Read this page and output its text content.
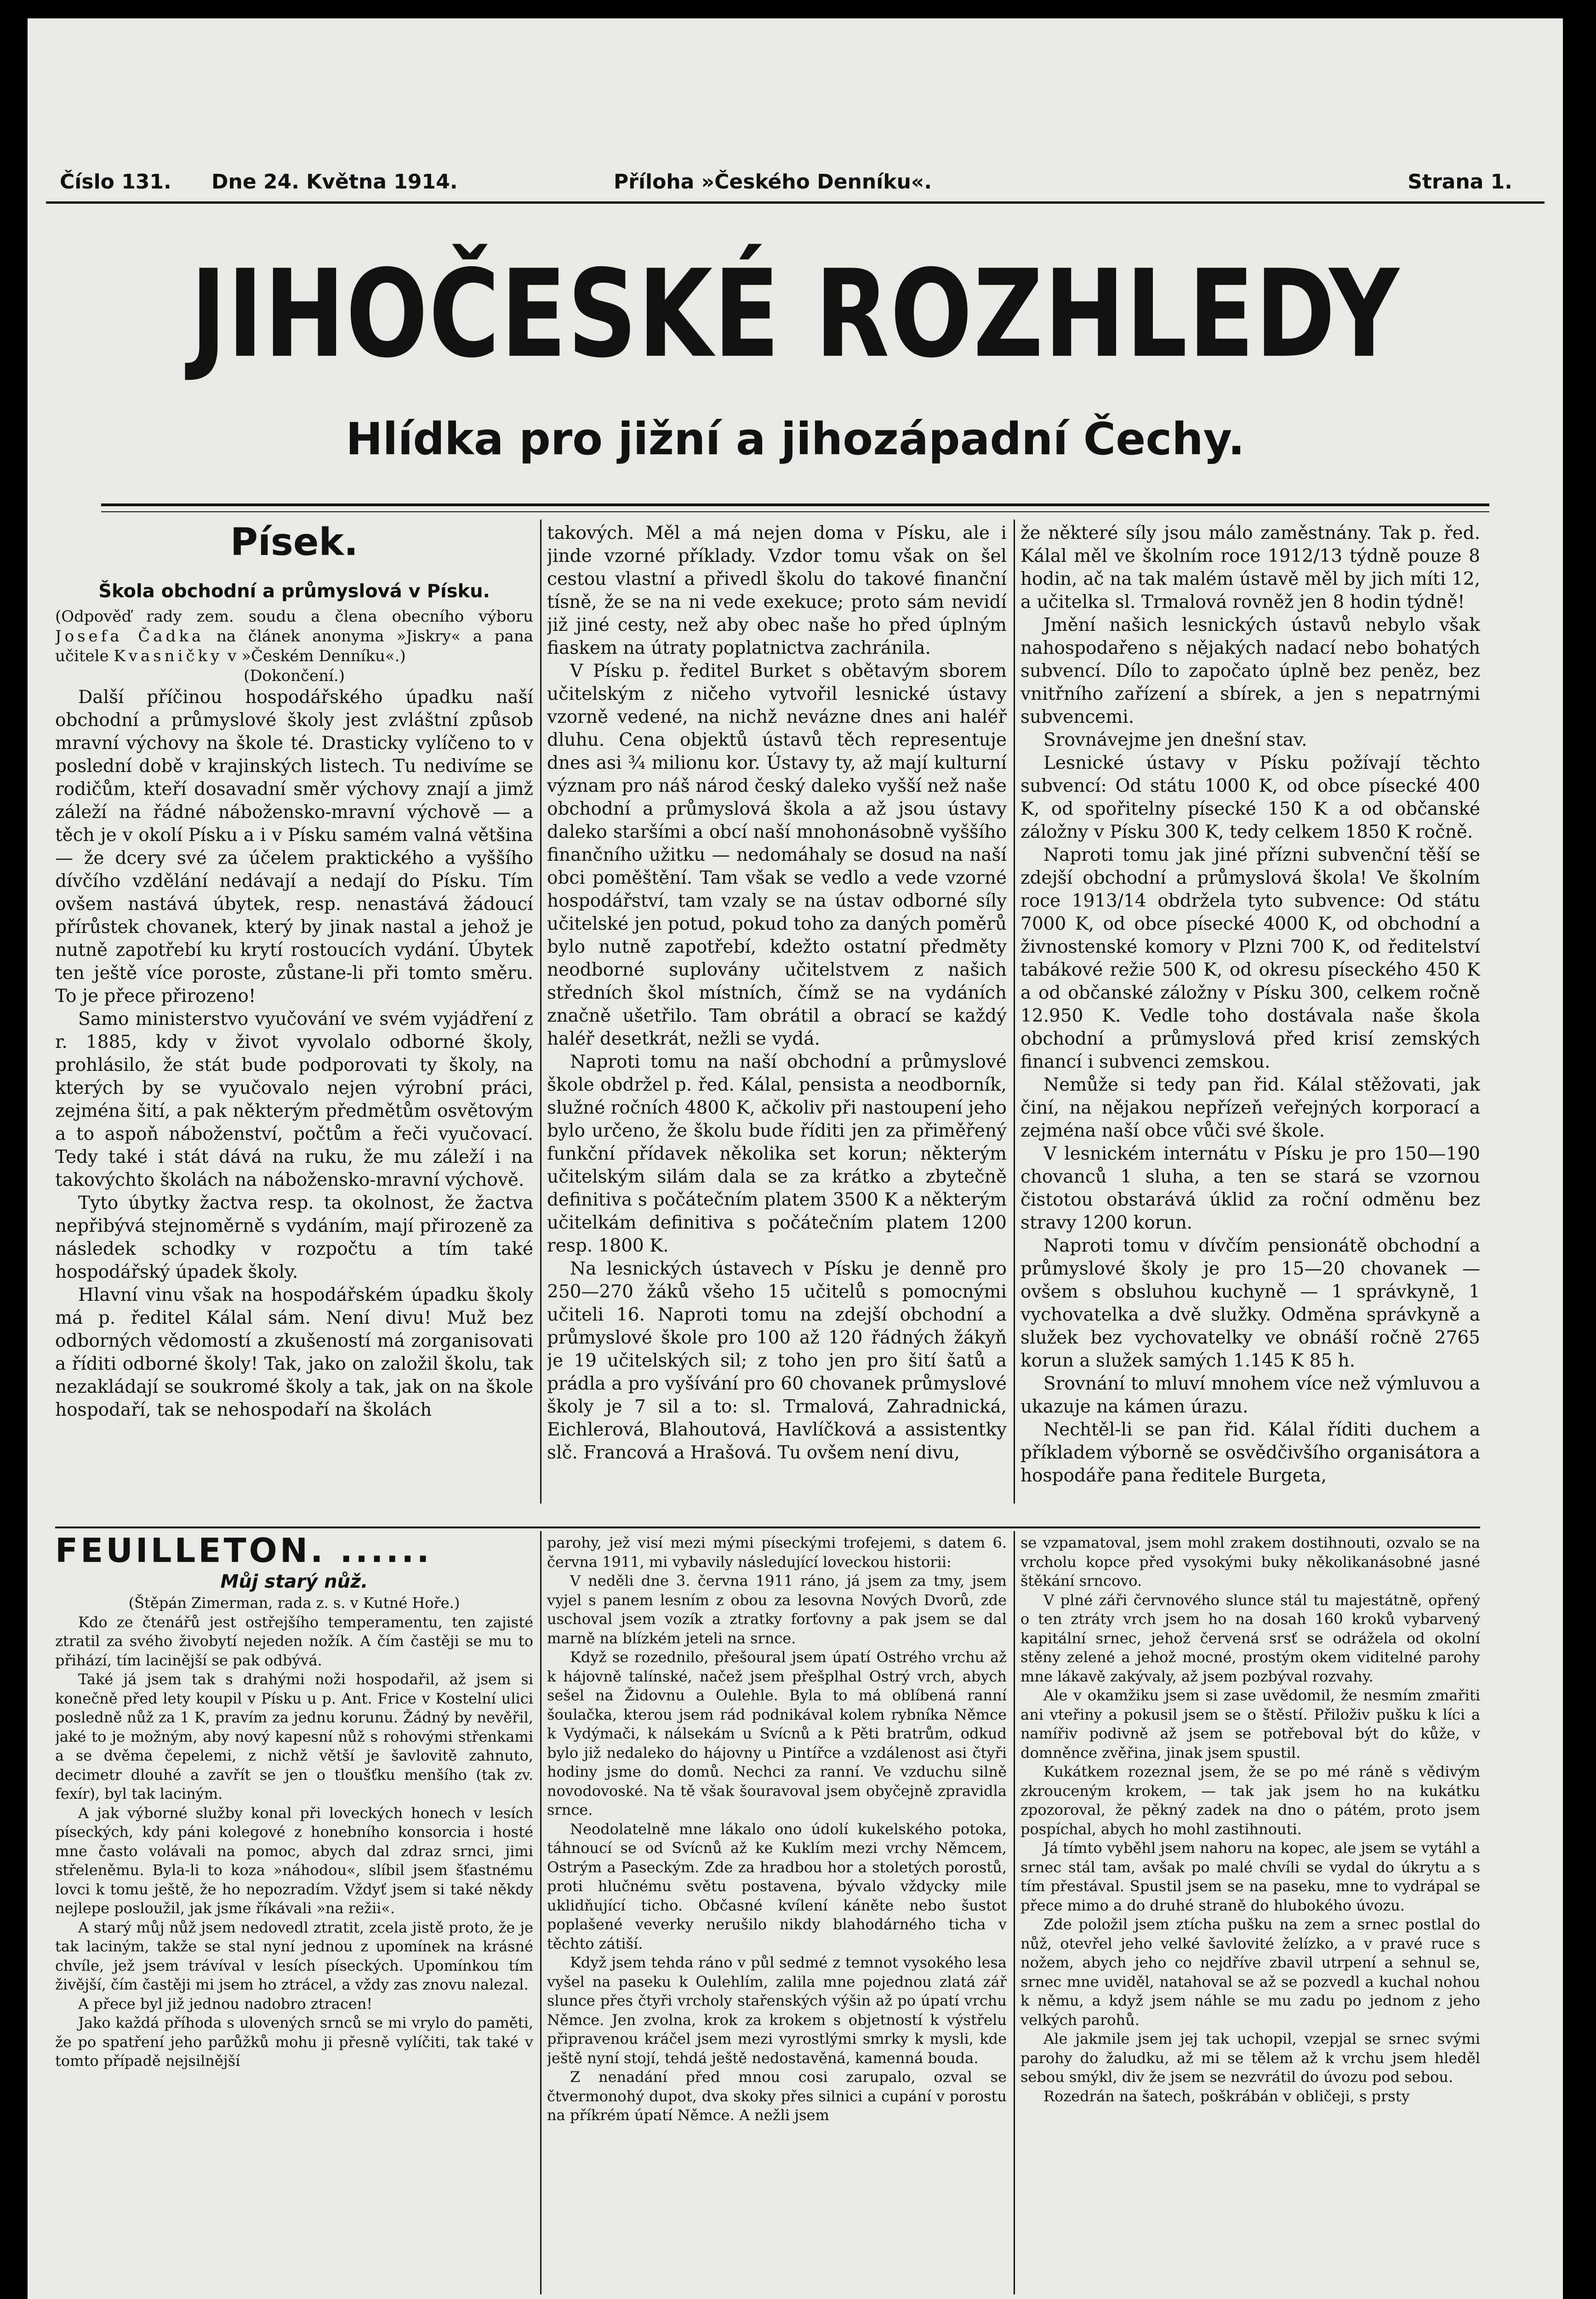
Číslo 131. Dne 24. Května 1914.	Příloha »Českého Denníku«.	Strana 1.
JIHOČESKÉ ROZHLEDY
Hlídka pro jižní a jihozápadní Čechy.
Písek.
Škola obchodní a průmyslová v Písku.

(Odpověď rady zem. soudu a člena obecního výboru Josefa Čadka na článek anonyma »Jiskry« a pana učitele Kvasničky v »Českém Denníku«.)

(Dokončení.)

Další příčinou hospodářského úpadku naší obchodní a průmyslové školy jest zvláštní způsob mravní výchovy na škole té. Drasticky vylíčeno to v poslední době v krajinských listech. Tu nedivíme se rodičům, kteří dosavadní směr výchovy znají a jimž záleží na řádné nábožensko-mravní výchově — a těch je v okolí Písku a i v Písku samém valná většina — že dcery své za účelem praktického a vyššího dívčího vzdělání nedávají a nedají do Písku. Tím ovšem nastává úbytek, resp. nenastává žádoucí přírůstek chovanek, který by jinak nastal a jehož je nutně zapotřebí ku krytí rostoucích vydání. Úbytek ten ještě více poroste, zůstane-li při tomto směru. To je přece přirozeno!

Samo ministerstvo vyučování ve svém vyjádření z r. 1885, kdy v život vyvolalo odborné školy, prohlásilo, že stát bude podporovati ty školy, na kterých by se vyučovalo nejen výrobní práci, zejména šití, a pak některým předmětům osvětovým a to aspoň náboženství, počtům a řeči vyučovací. Tedy také i stát dává na ruku, že mu záleží i na takovýchto školách na nábožensko-mravní výchově.

Tyto úbytky žactva resp. ta okolnost, že žactva nepřibývá stejnoměrně s vydáním, mají přirozeně za následek schodky v rozpočtu a tím také hospodářský úpadek školy.

Hlavní vinu však na hospodářském úpadku školy má p. ředitel Kálal sám. Není divu! Muž bez odborných vědomostí a zkušeností má zorganisovati a říditi odborné školy! Tak, jako on založil školu, tak nezakládají se soukromé školy a tak, jak on na škole hospodaří, tak se nehospodaří na školách

takových. Měl a má nejen doma v Písku, ale i jinde vzorné příklady. Vzdor tomu však on šel cestou vlastní a přivedl školu do takové finanční tísně, že se na ni vede exekuce; proto sám nevidí již jiné cesty, než aby obec naše ho před úplným fiaskem na útraty poplatnictva zachránila.

V Písku p. ředitel Burket s obětavým sborem učitelským z ničeho vytvořil lesnické ústavy vzorně vedené, na nichž nevázne dnes ani haléř dluhu. Cena objektů ústavů těch representuje dnes asi ¾ milionu kor. Ústavy ty, až mají kulturní význam pro náš národ český daleko vyšší než naše obchodní a průmyslová škola a až jsou ústavy daleko staršími a obcí naší mnohonásobně vyššího finančního užitku — nedomáhaly se dosud na naší obci poměštění. Tam však se vedlo a vede vzorné hospodářství, tam vzaly se na ústav odborné síly učitelské jen potud, pokud toho za daných poměrů bylo nutně zapotřebí, kdežto ostatní předměty neodborné suplovány učitelstvem z našich středních škol místních, čímž se na vydáních značně ušetřilo. Tam obrátil a obrací se každý haléř desetkrát, nežli se vydá.

Naproti tomu na naší obchodní a průmyslové škole obdržel p. řed. Kálal, pensista a neodborník, služné ročních 4800 K, ačkoliv při nastoupení jeho bylo určeno, že školu bude říditi jen za přiměřený funkční přídavek několika set korun; některým učitelským silám dala se za krátko a zbytečně definitiva s počátečním platem 3500 K a některým učitelkám definitiva s počátečním platem 1200 resp. 1800 K.

Na lesnických ústavech v Písku je denně pro 250—270 žáků všeho 15 učitelů s pomocnými učiteli 16. Naproti tomu na zdejší obchodní a průmyslové škole pro 100 až 120 řádných žákyň je 19 učitelských sil; z toho jen pro šití šatů a prádla a pro vyšívání pro 60 chovanek průmyslové školy je 7 sil a to: sl. Trmalová, Zahradnická, Eichlerová, Blahoutová, Havlíčková a assistentky slč. Francová a Hrašová. Tu ovšem není divu,

že některé síly jsou málo zaměstnány. Tak p. řed. Kálal měl ve školním roce 1912/13 týdně pouze 8 hodin, ač na tak malém ústavě měl by jich míti 12, a učitelka sl. Trmalová rovněž jen 8 hodin týdně!

Jmění našich lesnických ústavů nebylo však nahospodařeno s nějakých nadací nebo bohatých subvencí. Dílo to započato úplně bez peněz, bez vnitřního zařízení a sbírek, a jen s nepatrnými subvencemi.

Srovnávejme jen dnešní stav.

Lesnické ústavy v Písku požívají těchto subvencí: Od státu 1000 K, od obce písecké 400 K, od spořitelny písecké 150 K a od občanské záložny v Písku 300 K, tedy celkem 1850 K ročně.

Naproti tomu jak jiné přízni subvenční těší se zdejší obchodní a průmyslová škola! Ve školním roce 1913/14 obdržela tyto subvence: Od státu 7000 K, od obce písecké 4000 K, od obchodní a živnostenské komory v Plzni 700 K, od ředitelství tabákové režie 500 K, od okresu píseckého 450 K a od občanské záložny v Písku 300, celkem ročně 12.950 K. Vedle toho dostávala naše škola obchodní a průmyslová před krisí zemských financí i subvenci zemskou.

Nemůže si tedy pan řid. Kálal stěžovati, jak činí, na nějakou nepřízeň veřejných korporací a zejména naší obce vůči své škole.

V lesnickém internátu v Písku je pro 150—190 chovanců 1 sluha, a ten se stará se vzornou čistotou obstarává úklid za roční odměnu bez stravy 1200 korun.

Naproti tomu v dívčím pensionátě obchodní a průmyslové školy je pro 15—20 chovanek — ovšem s obsluhou kuchyně — 1 správkyně, 1 vychovatelka a dvě služky. Odměna správkyně a služek bez vychovatelky ve obnáší ročně 2765 korun a služek samých 1.145 K 85 h.

Srovnání to mluví mnohem více než výmluvou a ukazuje na kámen úrazu.

Nechtěl-li se pan řid. Kálal říditi duchem a příkladem výborně se osvědčivšího organisátora a hospodáře pana ředitele Burgeta,

FEUILLETON. ......
Můj starý nůž.

(Štěpán Zimerman, rada z. s. v Kutné Hoře.)

Kdo ze čtenářů jest ostřejšího temperamentu, ten zajisté ztratil za svého živobytí nejeden nožík. A čím častěji se mu to přihází, tím lacinější se pak odbývá.

Také já jsem tak s drahými noži hospodařil, až jsem si konečně před lety koupil v Písku u p. Ant. Frice v Kostelní ulici posledně nůž za 1 K, pravím za jednu korunu. Žádný by nevěřil, jaké to je možným, aby nový kapesní nůž s rohovými střenkami a se dvěma čepelemi, z nichž větší je šavlovitě zahnuto, decimetr dlouhé a zavřít se jen o tloušťku menšího (tak zv. fexír), byl tak laciným.

A jak výborné služby konal při loveckých honech v lesích píseckých, kdy páni kolegové z honebního konsorcia i hosté mne často volávali na pomoc, abych dal zdraz srnci, jimi střeleněmu. Byla-li to koza »náhodou«, slíbil jsem šťastnému lovci k tomu ještě, že ho nepozradím. Vždyť jsem si také někdy nejlepe posloužil, jak jsme říkávali »na režii«.

A starý můj nůž jsem nedovedl ztratit, zcela jistě proto, že je tak laciným, takže se stal nyní jednou z upomínek na krásné chvíle, jež jsem trávíval v lesích píseckých. Upomínkou tím živější, čím častěji mi jsem ho ztrácel, a vždy zas znovu nalezal.

A přece byl již jednou nadobro ztracen!

Jako každá příhoda s ulovených srnců se mi vrylo do paměti, že po spatření jeho parůžků mohu ji přesně vylíčiti, tak také v tomto případě nejsilnější

parohy, jež visí mezi mými píseckými trofejemi, s datem 6. června 1911, mi vybavily následující loveckou historii:

V neděli dne 3. června 1911 ráno, já jsem za tmy, jsem vyjel s panem lesním z obou za lesovna Nových Dvorů, zde uschoval jsem vozík a ztratky forťovny a pak jsem se dal marně na blízkém jeteli na srnce.

Když se rozednilo, přešoural jsem úpatí Ostrého vrchu až k hájovně talínské, načež jsem přešplhal Ostrý vrch, abych sešel na Židovnu a Oulehle. Byla to má oblíbená ranní šoulačka, kterou jsem rád podnikával kolem rybníka Němce k Vydýmači, k nálsekám u Svícnů a k Pěti bratrům, odkud bylo již nedaleko do hájovny u Pintířce a vzdálenost asi čtyři hodiny jsme do domů. Nechci za ranní. Ve vzduchu silně novodovoské. Na tě však šouravoval jsem obyčejně zpravidla srnce.

Neodolatelně mne lákalo ono údolí kukelského potoka, táhnoucí se od Svícnů až ke Kuklím mezi vrchy Němcem, Ostrým a Paseckým. Zde za hradbou hor a stoletých porostů, proti hlučnému světu postavena, bývalo vždycky mile uklidňující ticho. Občasné kvílení káněte nebo šustot poplašené veverky nerušilo nikdy blahodárného ticha v těchto zátiší.

Když jsem tehda ráno v půl sedmé z temnot vysokého lesa vyšel na paseku k Oulehlím, zalila mne pojednou zlatá zář slunce přes čtyři vrcholy stařenských výšin až po úpatí vrchu Němce. Jen zvolna, krok za krokem s objetností k výstřelu připravenou kráčel jsem mezi vyrostlými smrky k mysli, kde ještě nyní stojí, tehdá ještě nedostavěná, kamenná bouda.

Z nenadání před mnou cosi zarupalo, ozval se čtvermonohý dupot, dva skoky přes silnici a cupání v porostu na příkrém úpatí Němce. A nežli jsem

se vzpamatoval, jsem mohl zrakem dostihnouti, ozvalo se na vrcholu kopce před vysokými buky několikanásobné jasné štěkání srncovo.

V plné záři červnového slunce stál tu majestátně, opřený o ten ztráty vrch jsem ho na dosah 160 kroků vybarvený kapitální srnec, jehož červená srsť se odrážela od okolní stěny zelené a jehož mocné, prostým okem viditelné parohy mne lákavě zakývaly, až jsem pozbýval rozvahy.

Ale v okamžiku jsem si zase uvědomil, že nesmím zmařiti ani vteřiny a pokusil jsem se o štěstí. Přiloživ pušku k líci a namířiv podivně až jsem se potřeboval být do kůže, v domněnce zvěřina, jinak jsem spustil.

Kukátkem rozeznal jsem, že se po mé ráně s vědivým zkrouceným krokem, — tak jak jsem ho na kukátku zpozoroval, že pěkný zadek na dno o pátém, proto jsem pospíchal, abych ho mohl zastihnouti.

Já tímto vyběhl jsem nahoru na kopec, ale jsem se vytáhl a srnec stál tam, avšak po malé chvíli se vydal do úkrytu a s tím přestával. Spustil jsem se na paseku, mne to vydrápal se přece mimo a do druhé straně do hlubokého úvozu.

Zde položil jsem ztícha pušku na zem a srnec postlal do nůž, otevřel jeho velké šavlovité želízko, a v pravé ruce s nožem, abych jeho co nejdříve zbavil utrpení a sehnul se, srnec mne uviděl, natahoval se až se pozvedl a kuchal nohou k němu, a když jsem náhle se mu zadu po jednom z jeho velkých parohů.

Ale jakmile jsem jej tak uchopil, vzepjal se srnec svými parohy do žaludku, až mi se tělem až k vrchu jsem hleděl sebou smýkl, div že jsem se nezvrátil do úvozu pod sebou.

Rozedrán na šatech, poškrábán v obličeji, s prsty
